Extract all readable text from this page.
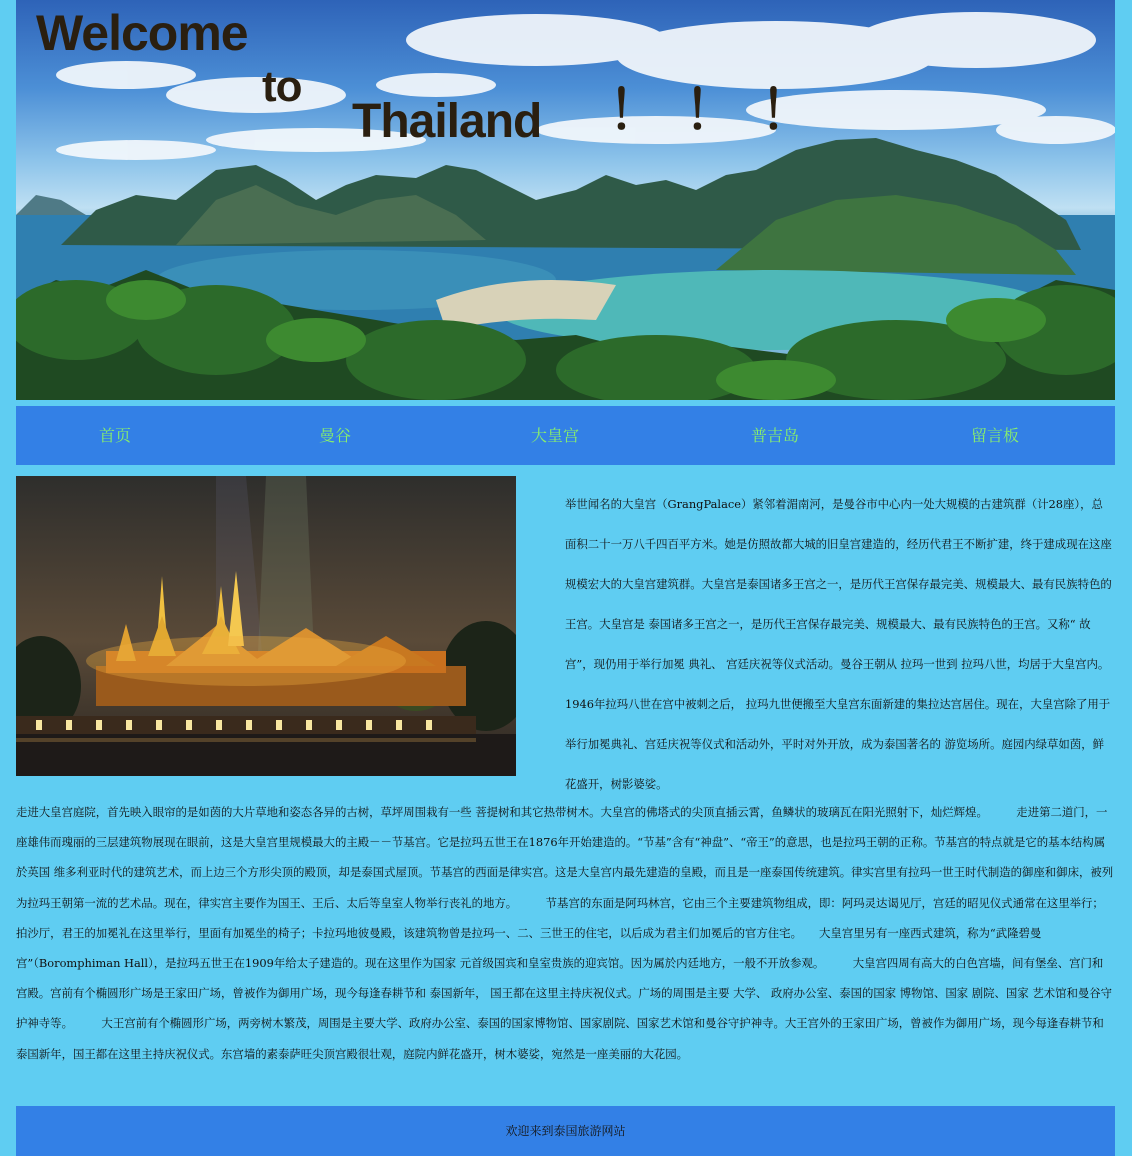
Welcome
to
Thailand ！！！
首页	曼谷	大皇宫	普吉岛	留言板

举世闻名的大皇宫（GrangPalace）紧邻着湄南河，是曼谷市中心内一处大规模的古建筑群（计28座），总面积二十一万八千四百平方米。她是仿照故都大城的旧皇宫建造的，经历代君王不断扩建，终于建成现在这座规模宏大的大皇宫建筑群。大皇宫是泰国诸多王宫之一，是历代王宫保存最完美、规模最大、最有民族特色的王宫。大皇宫是 泰国诸多王宫之一，是历代王宫保存最完美、规模最大、最有民族特色的王宫。又称“ 故宫”，现仍用于举行加冕 典礼、 宫廷庆祝等仪式活动。曼谷王朝从 拉玛一世到 拉玛八世，均居于大皇宫内。1946年拉玛八世在宫中被刺之后， 拉玛九世便搬至大皇宫东面新建的集拉达宫居住。现在，大皇宫除了用于举行加冕典礼、宫廷庆祝等仪式和活动外，平时对外开放，成为泰国著名的 游览场所。庭园内绿草如茵，鲜花盛开，树影婆娑。

走进大皇宫庭院，首先映入眼帘的是如茵的大片草地和姿态各异的古树，草坪周围栽有一些 菩提树和其它热带树木。大皇宫的佛塔式的尖顶直插云霄，鱼鳞状的玻璃瓦在阳光照射下，灿烂辉煌。　　　走进第二道门，一座雄伟而瑰丽的三层建筑物展现在眼前，这是大皇宫里规模最大的主殿－－节基宫。它是拉玛五世王在1876年开始建造的。“节基”含有“神盘”、“帝王”的意思，也是拉玛王朝的正称。节基宫的特点就是它的基本结构属於英国 维多利亚时代的建筑艺术，而上边三个方形尖顶的殿顶，却是泰国式屋顶。节基宫的西面是律实宫。这是大皇宫内最先建造的皇殿，而且是一座泰国传统建筑。律实宫里有拉玛一世王时代制造的御座和御床，被列为拉玛王朝第一流的艺术品。现在，律实宫主要作为国王、王后、太后等皇室人物举行丧礼的地方。　　　节基宫的东面是阿玛林宫，它由三个主要建筑物组成，即：阿玛灵达谒见厅，宫廷的昭见仪式通常在这里举行；拍沙厅，君王的加冕礼在这里举行，里面有加冕坐的椅子；卡拉玛地彼曼殿，该建筑物曾是拉玛一、二、三世王的住宅，以后成为君主们加冕后的官方住宅。　　大皇宫里另有一座西式建筑，称为“武隆碧曼宫”（Boromphiman Hall），是拉玛五世王在1909年给太子建造的。现在这里作为国家 元首级国宾和皇室贵族的迎宾馆。因为属於内廷地方，一般不开放参观。　　　大皇宫四周有高大的白色宫墙，间有堡垒、宫门和宫殿。宫前有个椭圆形广场是王家田广场，曾被作为御用广场，现今每逢春耕节和 泰国新年， 国王都在这里主持庆祝仪式。广场的周围是主要 大学、 政府办公室、泰国的国家 博物馆、国家 剧院、国家 艺术馆和曼谷守护神寺等。　　　大王宫前有个椭圆形广场，两旁树木繁茂，周围是主要大学、政府办公室、泰国的国家博物馆、国家剧院、国家艺术馆和曼谷守护神寺。大王宫外的王家田广场，曾被作为御用广场，现今每逢春耕节和泰国新年，国王都在这里主持庆祝仪式。东宫墙的素泰萨旺尖顶宫殿很壮观，庭院内鲜花盛开，树木婆娑，宛然是一座美丽的大花园。

欢迎来到泰国旅游网站
